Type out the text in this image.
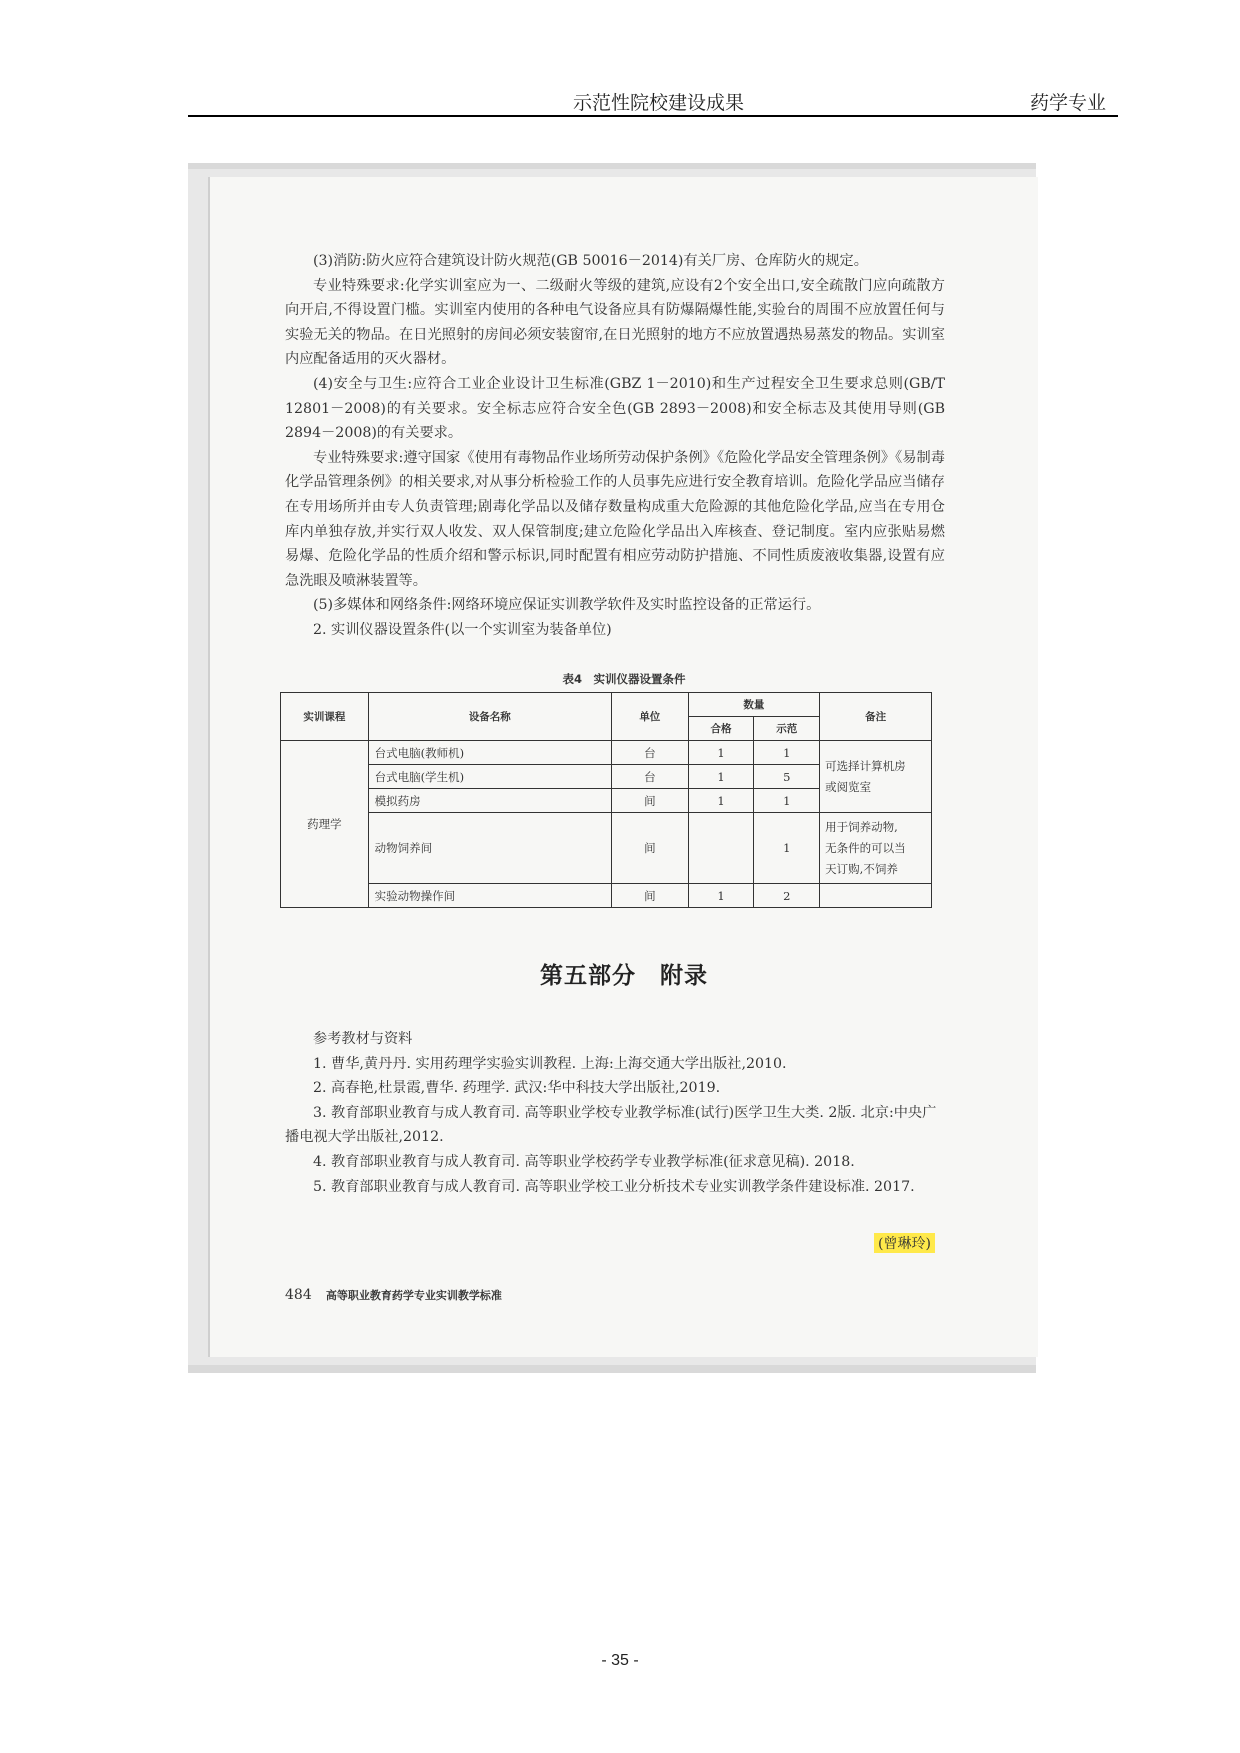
示范性院校建设成果	药学专业

(3)消防:防火应符合建筑设计防火规范(GB 50016－2014)有关厂房、仓库防火的规定。

专业特殊要求:化学实训室应为一、二级耐火等级的建筑,应设有2个安全出口,安全疏散门应向疏散方向开启,不得设置门槛。实训室内使用的各种电气设备应具有防爆隔爆性能,实验台的周围不应放置任何与实验无关的物品。在日光照射的房间必须安装窗帘,在日光照射的地方不应放置遇热易蒸发的物品。实训室内应配备适用的灭火器材。

(4)安全与卫生:应符合工业企业设计卫生标准(GBZ 1－2010)和生产过程安全卫生要求总则(GB/T 12801－2008)的有关要求。安全标志应符合安全色(GB 2893－2008)和安全标志及其使用导则(GB 2894－2008)的有关要求。

专业特殊要求:遵守国家《使用有毒物品作业场所劳动保护条例》《危险化学品安全管理条例》《易制毒化学品管理条例》的相关要求,对从事分析检验工作的人员事先应进行安全教育培训。危险化学品应当储存在专用场所并由专人负责管理;剧毒化学品以及储存数量构成重大危险源的其他危险化学品,应当在专用仓库内单独存放,并实行双人收发、双人保管制度;建立危险化学品出入库核查、登记制度。室内应张贴易燃易爆、危险化学品的性质介绍和警示标识,同时配置有相应劳动防护措施、不同性质废液收集器,设置有应急洗眼及喷淋装置等。

(5)多媒体和网络条件:网络环境应保证实训教学软件及实时监控设备的正常运行。

2. 实训仪器设置条件(以一个实训室为装备单位)

表4　实训仪器设置条件
实训课程	设备名称	单位	数量		备注
			合格	示范	
药理学	台式电脑(教师机)	台	1	1	可选择计算机房
或阅览室

	台式电脑(学生机)	台	1	5	
	模拟药房	间	1	1	
	动物饲养间	间		1	用于饲养动物,
无条件的可以当
天订购,不饲养

	实验动物操作间	间	1	2	
第五部分　附录

参考教材与资料

1. 曹华,黄丹丹. 实用药理学实验实训教程. 上海:上海交通大学出版社,2010.

2. 高春艳,杜景霞,曹华. 药理学. 武汉:华中科技大学出版社,2019.

3. 教育部职业教育与成人教育司. 高等职业学校专业教学标准(试行)医学卫生大类. 2版. 北京:中央广播电视大学出版社,2012.

4. 教育部职业教育与成人教育司. 高等职业学校药学专业教学标准(征求意见稿). 2018.

5. 教育部职业教育与成人教育司. 高等职业学校工业分析技术专业实训教学条件建设标准. 2017.

(曾琳玲)
484 高等职业教育药学专业实训教学标准
- 35 -
